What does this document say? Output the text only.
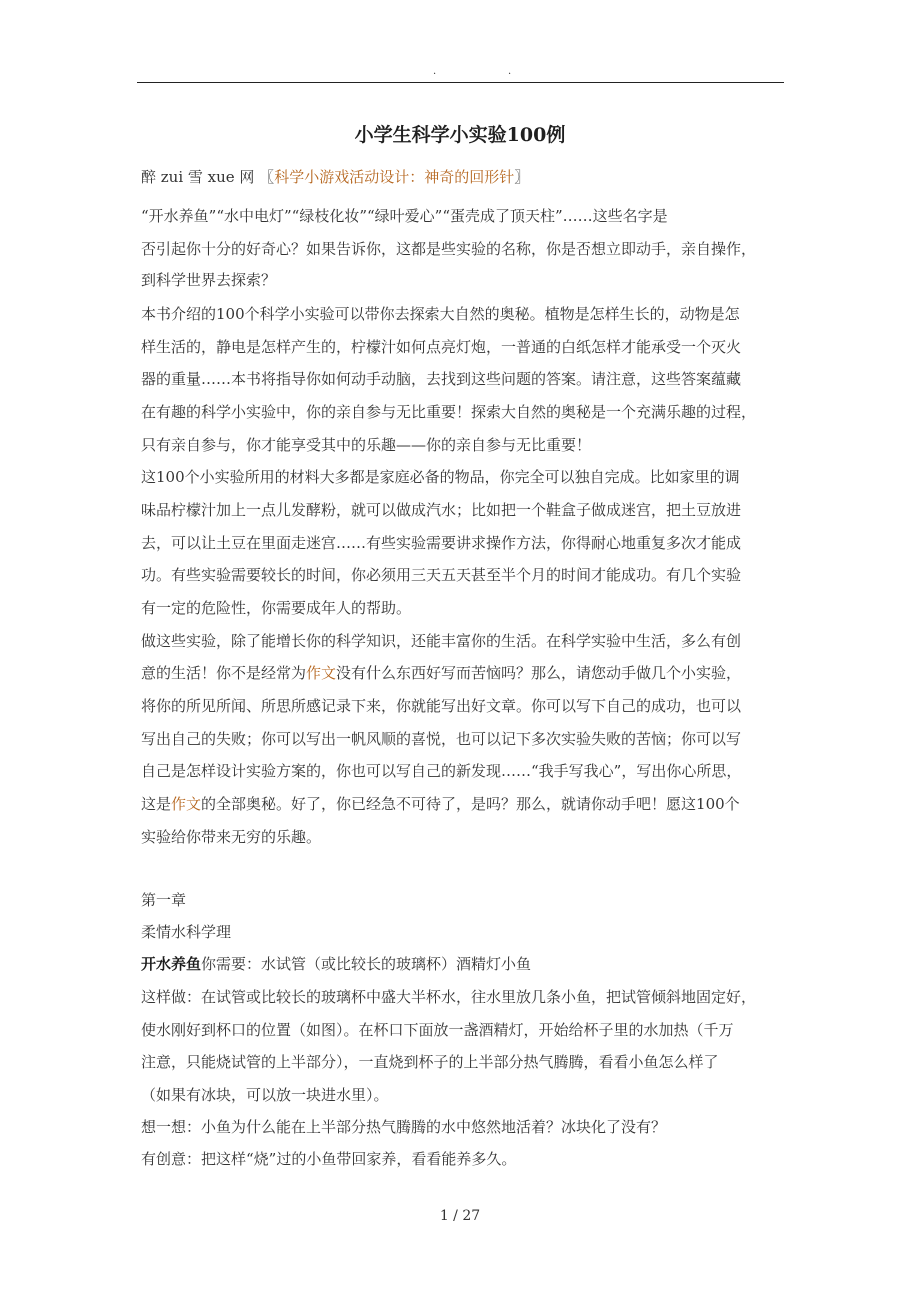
.	.
小学生科学小实验100例
醉 zui 雪 xue 网 〖科学小游戏活动设计：神奇的回形针〗
“开水养鱼”“水中电灯”“绿枝化妆”“绿叶爱心”“蛋壳成了顶天柱”……这些名字是
否引起你十分的好奇心？如果告诉你，这都是些实验的名称，你是否想立即动手，亲自操作，
到科学世界去探索？
本书介绍的100个科学小实验可以带你去探索大自然的奥秘。植物是怎样生长的，动物是怎
样生活的，静电是怎样产生的，柠檬汁如何点亮灯炮，一普通的白纸怎样才能承受一个灭火
器的重量……本书将指导你如何动手动脑，去找到这些问题的答案。请注意，这些答案蕴藏
在有趣的科学小实验中，你的亲自参与无比重要！探索大自然的奥秘是一个充满乐趣的过程，
只有亲自参与，你才能享受其中的乐趣——你的亲自参与无比重要！
这100个小实验所用的材料大多都是家庭必备的物品，你完全可以独自完成。比如家里的调
味品柠檬汁加上一点儿发酵粉，就可以做成汽水；比如把一个鞋盒子做成迷宫，把土豆放进
去，可以让土豆在里面走迷宫……有些实验需要讲求操作方法，你得耐心地重复多次才能成
功。有些实验需要较长的时间，你必须用三天五天甚至半个月的时间才能成功。有几个实验
有一定的危险性，你需要成年人的帮助。
做这些实验，除了能增长你的科学知识，还能丰富你的生活。在科学实验中生活，多么有创
意的生活！你不是经常为作文没有什么东西好写而苦恼吗？那么，请您动手做几个小实验，
将你的所见所闻、所思所感记录下来，你就能写出好文章。你可以写下自己的成功，也可以
写出自己的失败；你可以写出一帆风顺的喜悦，也可以记下多次实验失败的苦恼；你可以写
自己是怎样设计实验方案的，你也可以写自己的新发现……“我手写我心”，写出你心所思，
这是作文的全部奥秘。好了，你已经急不可待了，是吗？那么，就请你动手吧！愿这100个
实验给你带来无穷的乐趣。
第一章
柔情水科学理
开水养鱼你需要：水试管（或比较长的玻璃杯）酒精灯小鱼
这样做：在试管或比较长的玻璃杯中盛大半杯水，往水里放几条小鱼，把试管倾斜地固定好，
使水刚好到杯口的位置（如图）。在杯口下面放一盏酒精灯，开始给杯子里的水加热（千万
注意，只能烧试管的上半部分），一直烧到杯子的上半部分热气腾腾，看看小鱼怎么样了
（如果有冰块，可以放一块进水里）。
想一想：小鱼为什么能在上半部分热气腾腾的水中悠然地活着？冰块化了没有？
有创意：把这样“烧”过的小鱼带回家养，看看能养多久。
1 / 27
